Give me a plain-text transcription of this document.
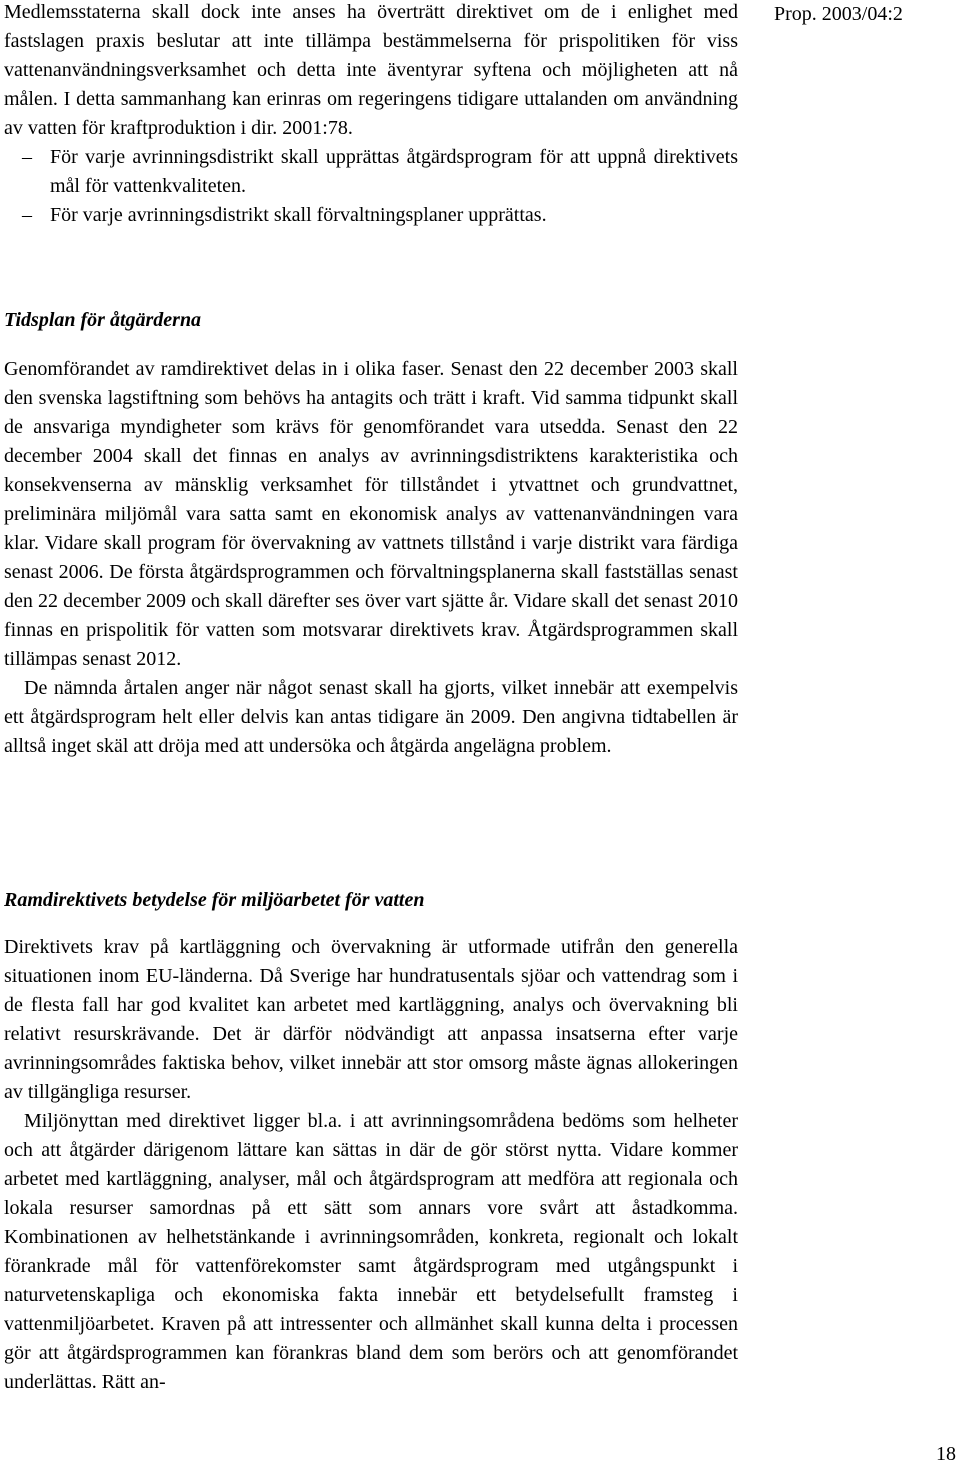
Prop. 2003/04:2

Medlemsstaterna skall dock inte anses ha överträtt direktivet om de i enlighet med fastslagen praxis beslutar att inte tillämpa bestämmelserna för prispolitiken för viss vattenanvändningsverksamhet och detta inte äventyrar syftena och möjligheten att nå målen. I detta sammanhang kan erinras om regeringens tidigare uttalanden om användning av vatten för kraftproduktion i dir. 2001:78.

– För varje avrinningsdistrikt skall upprättas åtgärdsprogram för att uppnå direktivets mål för vattenkvaliteten.
– För varje avrinningsdistrikt skall förvaltningsplaner upprättas.
Tidsplan för åtgärderna

Genomförandet av ramdirektivet delas in i olika faser. Senast den 22 december 2003 skall den svenska lagstiftning som behövs ha antagits och trätt i kraft. Vid samma tidpunkt skall de ansvariga myndigheter som krävs för genomförandet vara utsedda. Senast den 22 december 2004 skall det finnas en analys av avrinningsdistriktens karakteristika och konsekvenserna av mänsklig verksamhet för tillståndet i ytvattnet och grundvattnet, preliminära miljömål vara satta samt en ekonomisk analys av vattenanvändningen vara klar. Vidare skall program för övervakning av vattnets tillstånd i varje distrikt vara färdiga senast 2006. De första åtgärdsprogrammen och förvaltningsplanerna skall fastställas senast den 22 december 2009 och skall därefter ses över vart sjätte år. Vidare skall det senast 2010 finnas en prispolitik för vatten som motsvarar direktivets krav. Åtgärdsprogrammen skall tillämpas senast 2012.

De nämnda årtalen anger när något senast skall ha gjorts, vilket innebär att exempelvis ett åtgärdsprogram helt eller delvis kan antas tidigare än 2009. Den angivna tidtabellen är alltså inget skäl att dröja med att undersöka och åtgärda angelägna problem.

Ramdirektivets betydelse för miljöarbetet för vatten

Direktivets krav på kartläggning och övervakning är utformade utifrån den generella situationen inom EU-länderna. Då Sverige har hundratusentals sjöar och vattendrag som i de flesta fall har god kvalitet kan arbetet med kartläggning, analys och övervakning bli relativt resurskrävande. Det är därför nödvändigt att anpassa insatserna efter varje avrinningsområdes faktiska behov, vilket innebär att stor omsorg måste ägnas allokeringen av tillgängliga resurser.

Miljönyttan med direktivet ligger bl.a. i att avrinningsområdena bedöms som helheter och att åtgärder därigenom lättare kan sättas in där de gör störst nytta. Vidare kommer arbetet med kartläggning, analyser, mål och åtgärdsprogram att medföra att regionala och lokala resurser samordnas på ett sätt som annars vore svårt att åstadkomma. Kombinationen av helhetstänkande i avrinningsområden, konkreta, regionalt och lokalt förankrade mål för vattenförekomster samt åtgärdsprogram med utgångspunkt i naturvetenskapliga och ekonomiska fakta innebär ett betydelsefullt framsteg i vattenmiljöarbetet. Kraven på att intressenter och allmänhet skall kunna delta i processen gör att åtgärdsprogrammen kan förankras bland dem som berörs och att genomförandet underlättas. Rätt an-

18
